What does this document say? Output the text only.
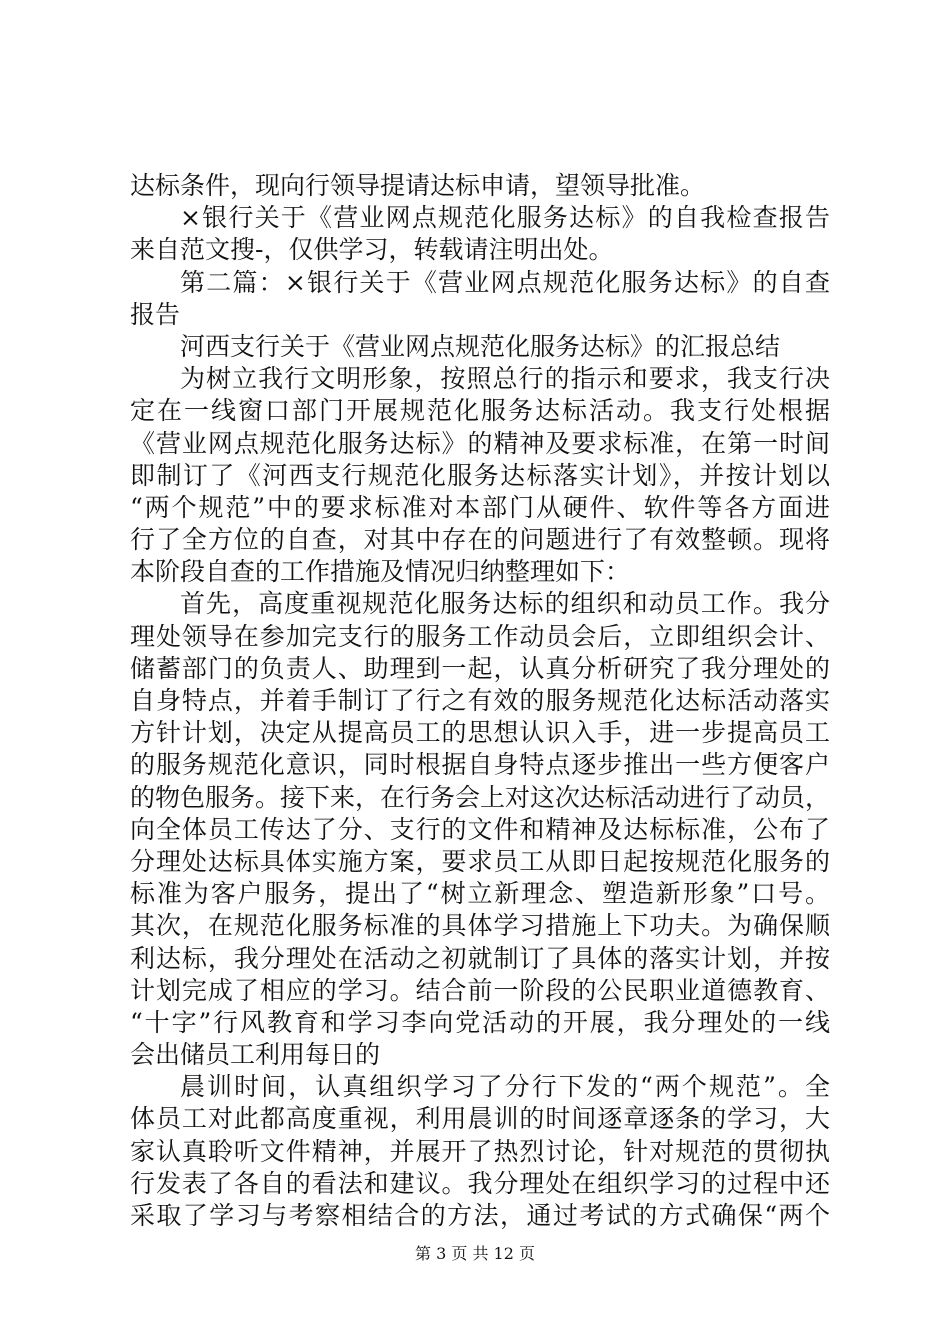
达标条件，现向行领导提请达标申请，望领导批准。
×银行关于《营业网点规范化服务达标》的自我检查报告
来自范文搜-，仅供学习，转载请注明出处。
第二篇：×银行关于《营业网点规范化服务达标》的自查
报告
河西支行关于《营业网点规范化服务达标》的汇报总结
为树立我行文明形象，按照总行的指示和要求，我支行决
定在一线窗口部门开展规范化服务达标活动。我支行处根据
《营业网点规范化服务达标》的精神及要求标准，在第一时间
即制订了《河西支行规范化服务达标落实计划》，并按计划以
“两个规范”中的要求标准对本部门从硬件、软件等各方面进
行了全方位的自查，对其中存在的问题进行了有效整顿。现将
本阶段自查的工作措施及情况归纳整理如下：
首先，高度重视规范化服务达标的组织和动员工作。我分
理处领导在参加完支行的服务工作动员会后，立即组织会计、
储蓄部门的负责人、助理到一起，认真分析研究了我分理处的
自身特点，并着手制订了行之有效的服务规范化达标活动落实
方针计划，决定从提高员工的思想认识入手，进一步提高员工
的服务规范化意识，同时根据自身特点逐步推出一些方便客户
的物色服务。接下来，在行务会上对这次达标活动进行了动员，
向全体员工传达了分、支行的文件和精神及达标标准，公布了
分理处达标具体实施方案，要求员工从即日起按规范化服务的
标准为客户服务，提出了“树立新理念、塑造新形象”口号。
其次，在规范化服务标准的具体学习措施上下功夫。为确保顺
利达标，我分理处在活动之初就制订了具体的落实计划，并按
计划完成了相应的学习。结合前一阶段的公民职业道德教育、
“十字”行风教育和学习李向党活动的开展，我分理处的一线
会出储员工利用每日的
晨训时间，认真组织学习了分行下发的“两个规范”。全
体员工对此都高度重视，利用晨训的时间逐章逐条的学习，大
家认真聆听文件精神，并展开了热烈讨论，针对规范的贯彻执
行发表了各自的看法和建议。我分理处在组织学习的过程中还
采取了学习与考察相结合的方法，通过考试的方式确保“两个
第 3 页 共 12 页
